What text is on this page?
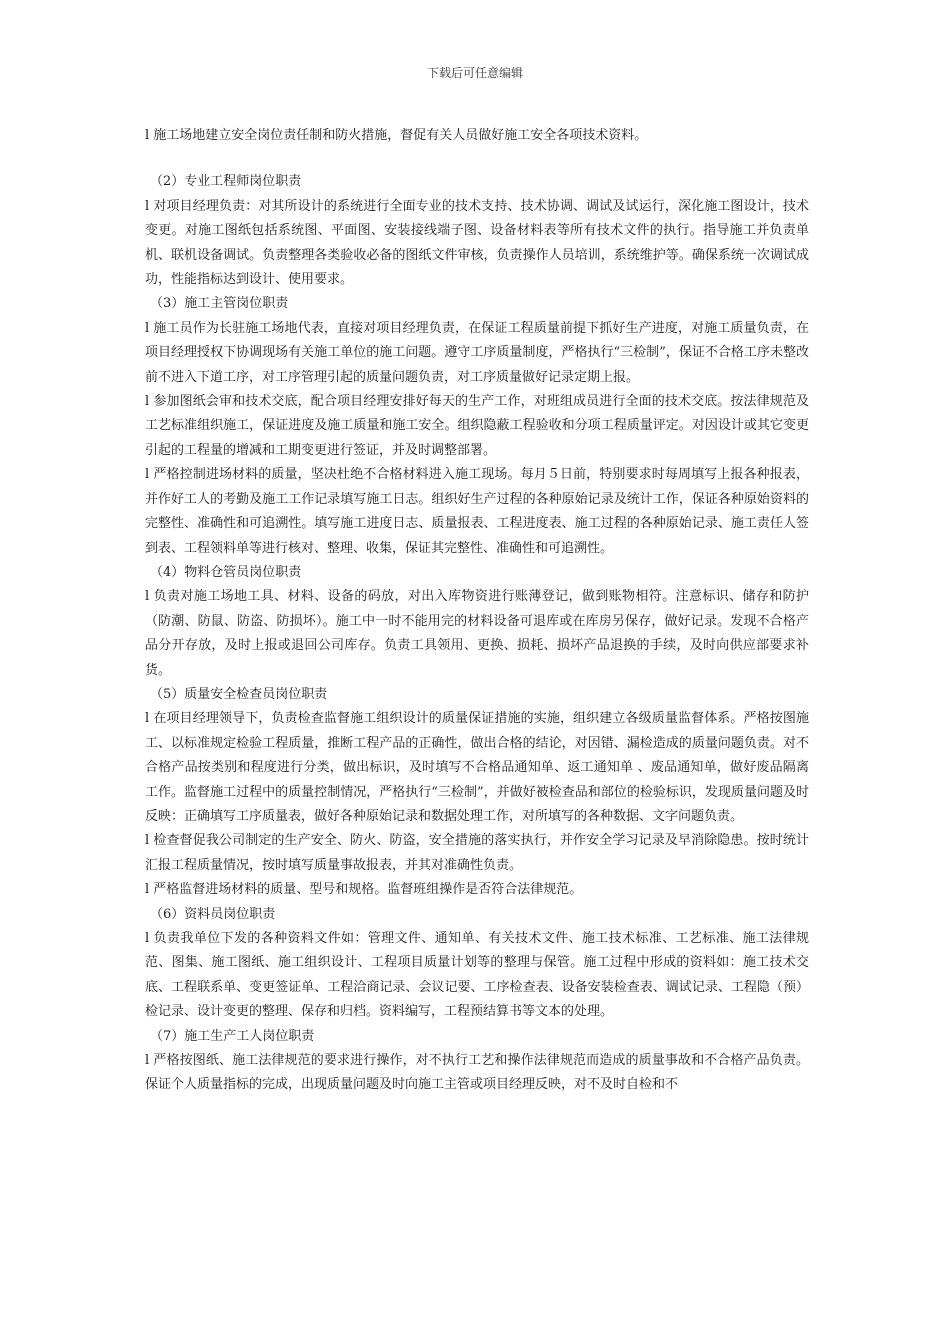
下载后可任意编辑

l 施工场地建立安全岗位责任制和防火措施，督促有关人员做好施工安全各项技术资料。

（2）专业工程师岗位职责

l 对项目经理负责：对其所设计的系统进行全面专业的技术支持、技术协调、调试及试运行，深化施工图设计，技术变更。对施工图纸包括系统图、平面图、安装接线端子图、设备材料表等所有技术文件的执行。指导施工并负责单机、联机设备调试。负责整理各类验收必备的图纸文件审核，负责操作人员培训，系统维护等。确保系统一次调试成功，性能指标达到设计、使用要求。

（3）施工主管岗位职责

l 施工员作为长驻施工场地代表，直接对项目经理负责，在保证工程质量前提下抓好生产进度，对施工质量负责，在项目经理授权下协调现场有关施工单位的施工问题。遵守工序质量制度，严格执行“三检制”，保证不合格工序未整改前不进入下道工序，对工序管理引起的质量问题负责，对工序质量做好记录定期上报。

l 参加图纸会审和技术交底，配合项目经理安排好每天的生产工作，对班组成员进行全面的技术交底。按法律规范及工艺标准组织施工，保证进度及施工质量和施工安全。组织隐蔽工程验收和分项工程质量评定。对因设计或其它变更引起的工程量的增减和工期变更进行签证，并及时调整部署。

l 严格控制进场材料的质量，坚决杜绝不合格材料进入施工现场。每月５日前，特别要求时每周填写上报各种报表，并作好工人的考勤及施工工作记录填写施工日志。组织好生产过程的各种原始记录及统计工作，保证各种原始资料的完整性、准确性和可追溯性。填写施工进度日志、质量报表、工程进度表、施工过程的各种原始记录、施工责任人签到表、工程领料单等进行核对、整理、收集，保证其完整性、准确性和可追溯性。

（4）物料仓管员岗位职责

l 负责对施工场地工具、材料、设备的码放，对出入库物资进行账薄登记，做到账物相符。注意标识、储存和防护（防潮、防鼠、防盗、防损坏）。施工中一时不能用完的材料设备可退库或在库房另保存，做好记录。发现不合格产品分开存放，及时上报或退回公司库存。负责工具领用、更换、损耗、损坏产品退换的手续，及时向供应部要求补货。

（5）质量安全检查员岗位职责

l 在项目经理领导下，负责检查监督施工组织设计的质量保证措施的实施，组织建立各级质量监督体系。严格按图施工、以标准规定检验工程质量，推断工程产品的正确性，做出合格的结论，对因错、漏检造成的质量问题负责。对不合格产品按类别和程度进行分类，做出标识，及时填写不合格品通知单、返工通知单 、废品通知单，做好废品隔离工作。监督施工过程中的质量控制情况，严格执行“三检制”，并做好被检查品和部位的检验标识，发现质量问题及时反映：正确填写工序质量表，做好各种原始记录和数据处理工作，对所填写的各种数据、文字问题负责。

l 检查督促我公司制定的生产安全、防火、防盗，安全措施的落实执行，并作安全学习记录及早消除隐患。按时统计汇报工程质量情况，按时填写质量事故报表，并其对准确性负责。

l 严格监督进场材料的质量、型号和规格。监督班组操作是否符合法律规范。

（6）资料员岗位职责

l 负责我单位下发的各种资料文件如：管理文件、通知单、有关技术文件、施工技术标准、工艺标准、施工法律规范、图集、施工图纸、施工组织设计、工程项目质量计划等的整理与保管。施工过程中形成的资料如：施工技术交底、工程联系单、变更签证单、工程洽商记录、会议记要、工序检查表、设备安装检查表、调试记录、工程隐（预）检记录、设计变更的整理、保存和归档。资料编写，工程预结算书等文本的处理。

（7）施工生产工人岗位职责

l 严格按图纸、施工法律规范的要求进行操作，对不执行工艺和操作法律规范而造成的质量事故和不合格产品负责。保证个人质量指标的完成，出现质量问题及时向施工主管或项目经理反映，对不及时自检和不
